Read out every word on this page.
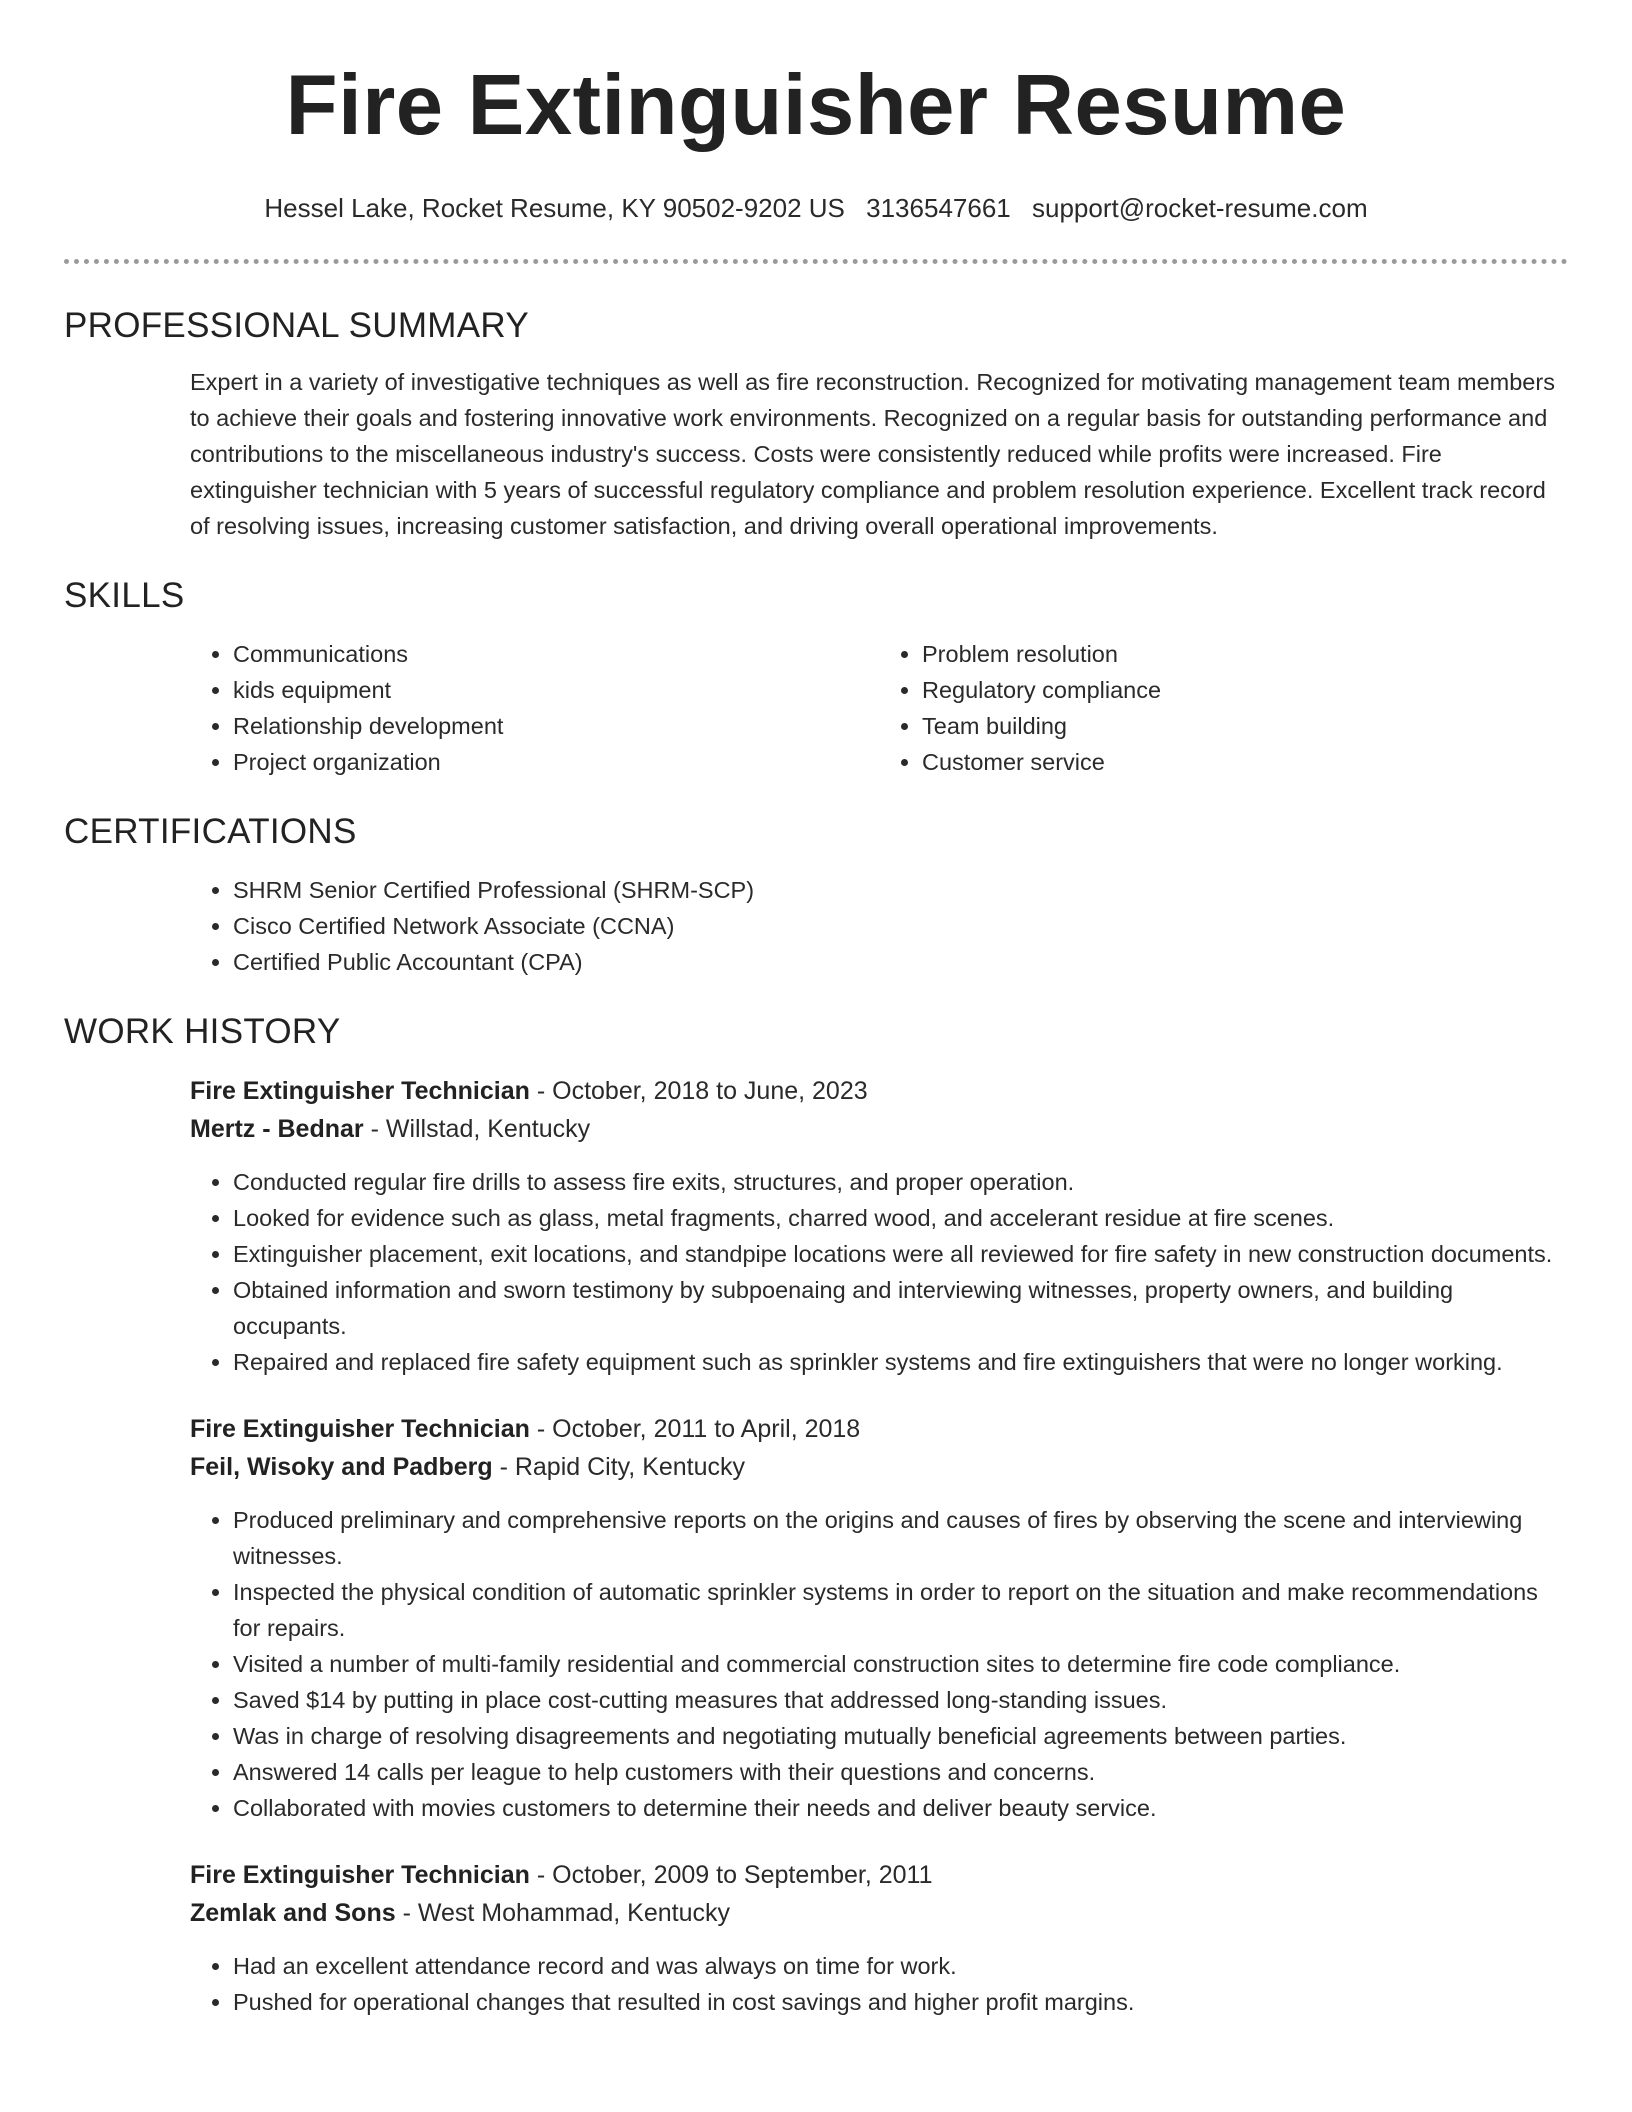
Fire Extinguisher Resume
Hessel Lake, Rocket Resume, KY 90502-9202 US 3136547661 support@rocket-resume.com
PROFESSIONAL SUMMARY

Expert in a variety of investigative techniques as well as fire reconstruction. Recognized for motivating management team members to achieve their goals and fostering innovative work environments. Recognized on a regular basis for outstanding performance and contributions to the miscellaneous industry's success. Costs were consistently reduced while profits were increased. Fire extinguisher technician with 5 years of successful regulatory compliance and problem resolution experience. Excellent track record of resolving issues, increasing customer satisfaction, and driving overall operational improvements.

SKILLS
• Communications
• kids equipment
• Relationship development
• Project organization
• Problem resolution
• Regulatory compliance
• Team building
• Customer service
CERTIFICATIONS
• SHRM Senior Certified Professional (SHRM-SCP)
• Cisco Certified Network Associate (CCNA)
• Certified Public Accountant (CPA)
WORK HISTORY
Fire Extinguisher Technician - October, 2018 to June, 2023
Mertz - Bednar - Willstad, Kentucky
• Conducted regular fire drills to assess fire exits, structures, and proper operation.
• Looked for evidence such as glass, metal fragments, charred wood, and accelerant residue at fire scenes.
• Extinguisher placement, exit locations, and standpipe locations were all reviewed for fire safety in new construction documents.
• Obtained information and sworn testimony by subpoenaing and interviewing witnesses, property owners, and building occupants.
• Repaired and replaced fire safety equipment such as sprinkler systems and fire extinguishers that were no longer working.
Fire Extinguisher Technician - October, 2011 to April, 2018
Feil, Wisoky and Padberg - Rapid City, Kentucky
• Produced preliminary and comprehensive reports on the origins and causes of fires by observing the scene and interviewing witnesses.
• Inspected the physical condition of automatic sprinkler systems in order to report on the situation and make recommendations for repairs.
• Visited a number of multi-family residential and commercial construction sites to determine fire code compliance.
• Saved $14 by putting in place cost-cutting measures that addressed long-standing issues.
• Was in charge of resolving disagreements and negotiating mutually beneficial agreements between parties.
• Answered 14 calls per league to help customers with their questions and concerns.
• Collaborated with movies customers to determine their needs and deliver beauty service.
Fire Extinguisher Technician - October, 2009 to September, 2011
Zemlak and Sons - West Mohammad, Kentucky
• Had an excellent attendance record and was always on time for work.
• Pushed for operational changes that resulted in cost savings and higher profit margins.
